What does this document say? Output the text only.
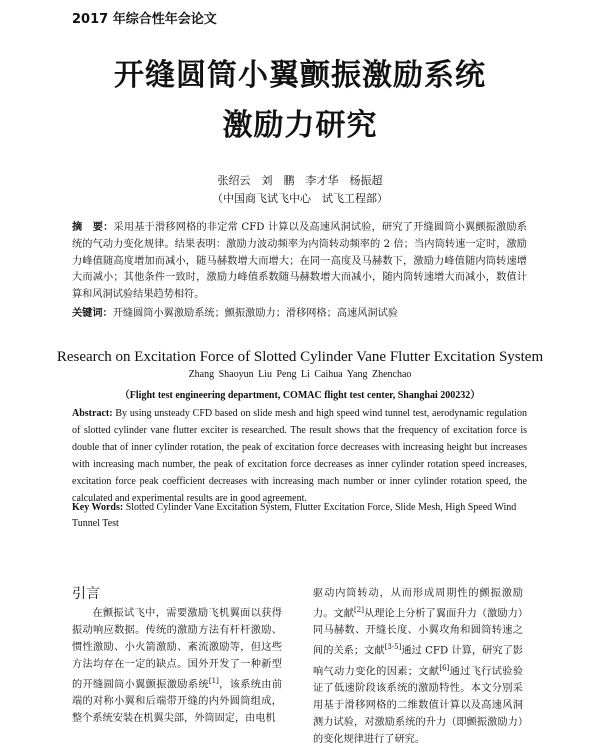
2017 年综合性年会论文
开缝圆筒小翼颤振激励系统
激励力研究
张绍云　刘　鹏　李才华　杨振超
（中国商飞试飞中心　试飞工程部）
摘　要：采用基于滑移网格的非定常 CFD 计算以及高速风洞试验，研究了开缝圆筒小翼颤振激励系统的气动力变化规律。结果表明：激励力波动频率为内筒转动频率的 2 倍；当内筒转速一定时，激励力峰值随高度增加而减小，随马赫数增大而增大；在同一高度及马赫数下，激励力峰值随内筒转速增大而减小；其他条件一致时，激励力峰值系数随马赫数增大而减小，随内筒转速增大而减小，数值计算和风洞试验结果趋势相符。
关键词：开缝圆筒小翼激励系统；颤振激励力；滑移网格；高速风洞试验
Research on Excitation Force of Slotted Cylinder Vane Flutter Excitation System
Zhang Shaoyun Liu Peng Li Caihua Yang Zhenchao
（Flight test engineering department, COMAC flight test center, Shanghai 200232）
Abstract: By using unsteady CFD based on slide mesh and high speed wind tunnel test, aerodynamic regulation of slotted cylinder vane flutter exciter is researched. The result shows that the frequency of excitation force is double that of inner cylinder rotation, the peak of excitation force decreases with increasing height but increases with increasing mach number, the peak of excitation force decreases as inner cylinder rotation speed increases, excitation force peak coefficient decreases with increasing mach number or inner cylinder rotation speed, the calculated and experimental results are in good agreement.
Key Words: Slotted Cylinder Vane Excitation System, Flutter Excitation Force, Slide Mesh, High Speed Wind Tunnel Test
引言
在颤振试飞中，需要激励飞机翼面以获得振动响应数据。传统的激励方法有杆杆激励、惯性激励、小火箭激励、紊流激励等，但这些方法均存在一定的缺点。国外开发了一种新型的开缝圆筒小翼颤振激励系统[1]，该系统由前端的对称小翼和后端带开缝的内外圆筒组成，整个系统安装在机翼尖部，外筒固定，由电机
驱动内筒转动，从而形成周期性的颤振激励力。文献[2]从理论上分析了翼面升力（激励力）同马赫数、开缝长度、小翼攻角和圆筒转速之间的关系；文献[3-5]通过 CFD 计算，研究了影响气动力变化的因素；文献[6]通过飞行试验验证了低速阶段该系统的激励特性。本文分别采用基于滑移网格的二维数值计算以及高速风洞测力试验，对激励系统的升力（即颤振激励力）的变化规律进行了研究。
